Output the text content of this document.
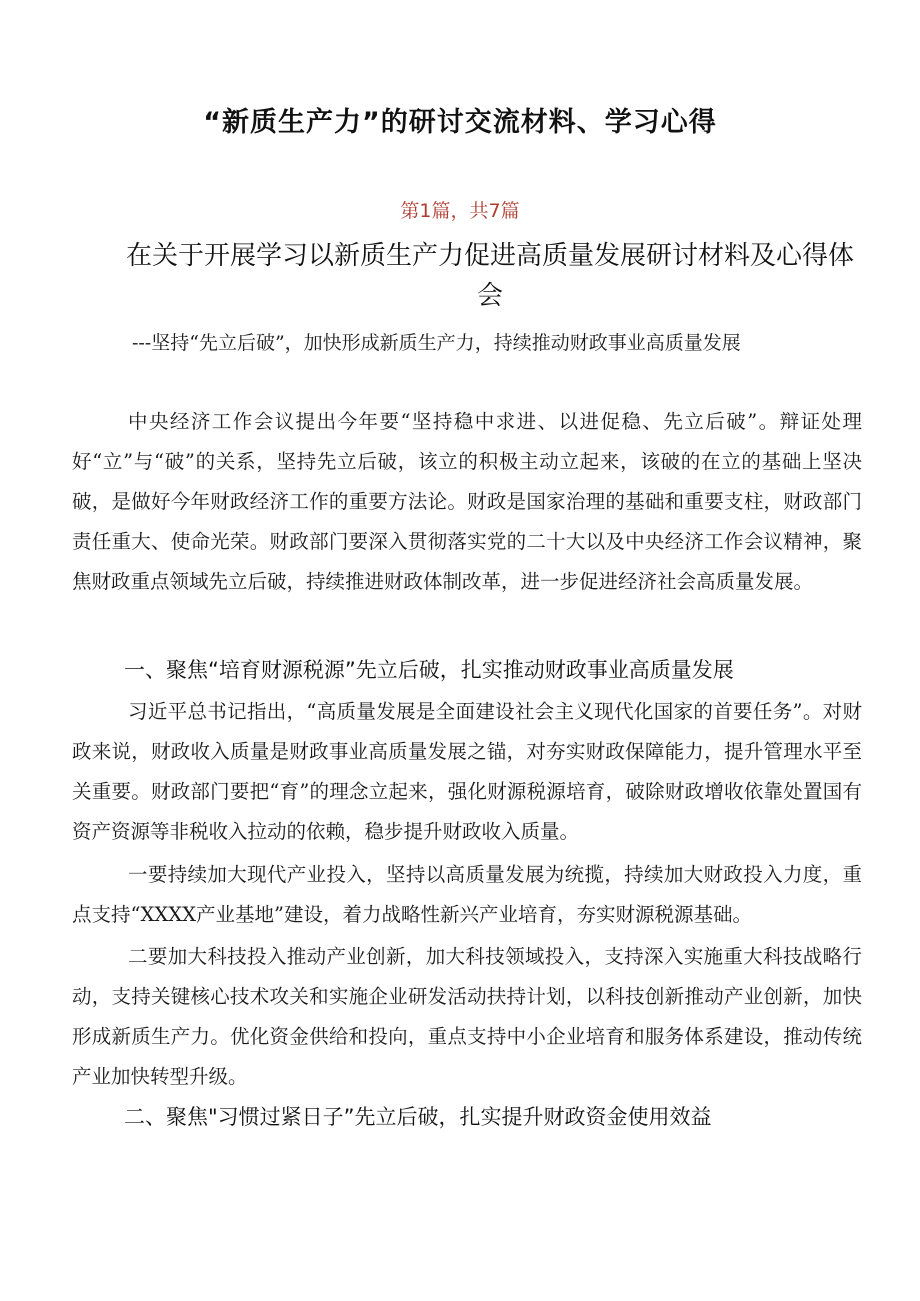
“新质生产力”的研讨交流材料、学习心得
第1篇，共7篇
在关于开展学习以新质生产力促进高质量发展研讨材料及心得体会
---坚持“先立后破”，加快形成新质生产力，持续推动财政事业高质量发展
中央经济工作会议提出今年要“坚持稳中求进、以进促稳、先立后破”。辩证处理好“立”与“破”的关系，坚持先立后破，该立的积极主动立起来，该破的在立的基础上坚决破，是做好今年财政经济工作的重要方法论。财政是国家治理的基础和重要支柱，财政部门责任重大、使命光荣。财政部门要深入贯彻落实党的二十大以及中央经济工作会议精神，聚焦财政重点领域先立后破，持续推进财政体制改革，进一步促进经济社会高质量发展。
一、聚焦“培育财源税源”先立后破，扎实推动财政事业高质量发展
习近平总书记指出，“高质量发展是全面建设社会主义现代化国家的首要任务”。对财政来说，财政收入质量是财政事业高质量发展之锚，对夯实财政保障能力，提升管理水平至关重要。财政部门要把“育”的理念立起来，强化财源税源培育，破除财政增收依靠处置国有资产资源等非税收入拉动的依赖，稳步提升财政收入质量。
一要持续加大现代产业投入，坚持以高质量发展为统揽，持续加大财政投入力度，重点支持“XXXX产业基地”建设，着力战略性新兴产业培育，夯实财源税源基础。
二要加大科技投入推动产业创新，加大科技领域投入，支持深入实施重大科技战略行动，支持关键核心技术攻关和实施企业研发活动扶持计划，以科技创新推动产业创新，加快形成新质生产力。优化资金供给和投向，重点支持中小企业培育和服务体系建设，推动传统产业加快转型升级。
二、聚焦"习惯过紧日子”先立后破，扎实提升财政资金使用效益
